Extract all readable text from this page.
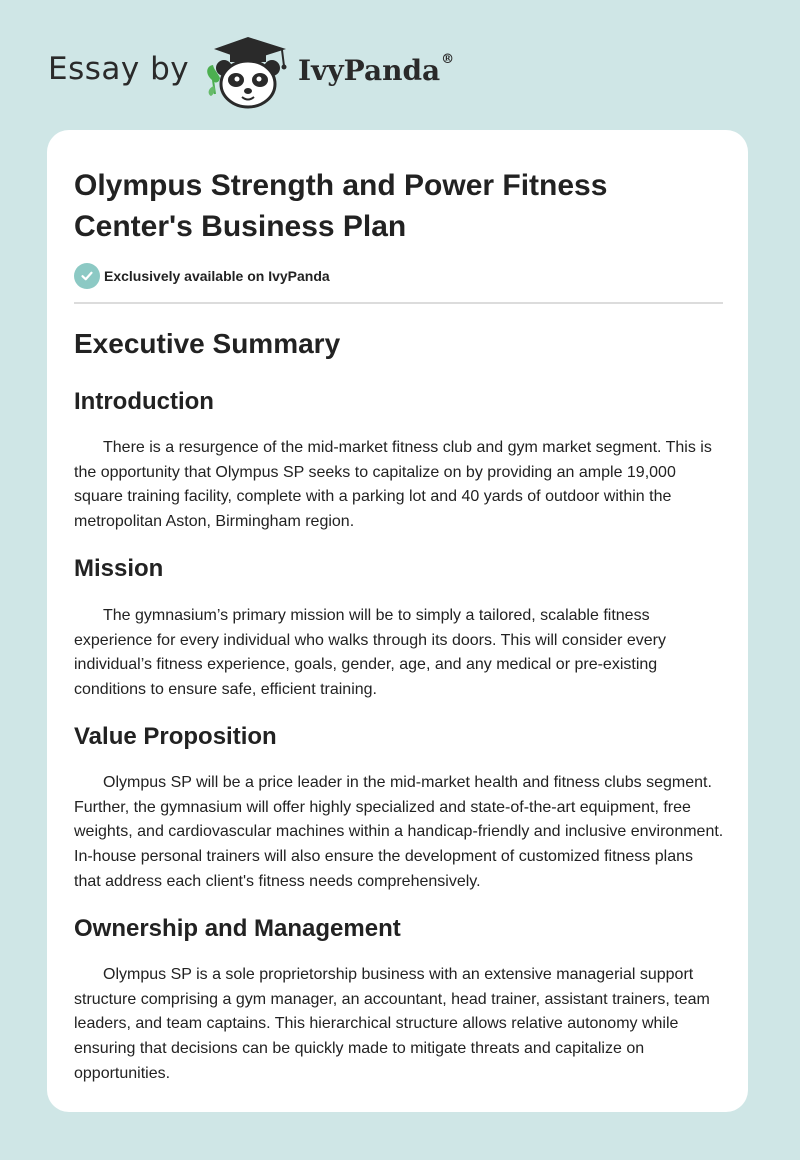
Essay by	IvyPanda®
Olympus Strength and Power Fitness Center's Business Plan
Exclusively available on IvyPanda
Executive Summary
Introduction

There is a resurgence of the mid-market fitness club and gym market segment. This is the opportunity that Olympus SP seeks to capitalize on by providing an ample 19,000 square training facility, complete with a parking lot and 40 yards of outdoor within the metropolitan Aston, Birmingham region.

Mission

The gymnasium’s primary mission will be to simply a tailored, scalable fitness experience for every individual who walks through its doors. This will consider every individual’s fitness experience, goals, gender, age, and any medical or pre-existing conditions to ensure safe, efficient training.

Value Proposition

Olympus SP will be a price leader in the mid-market health and fitness clubs segment. Further, the gymnasium will offer highly specialized and state-of-the-art equipment, free weights, and cardiovascular machines within a handicap-friendly and inclusive environment. In-house personal trainers will also ensure the development of customized fitness plans that address each client's fitness needs comprehensively.

Ownership and Management

Olympus SP is a sole proprietorship business with an extensive managerial support structure comprising a gym manager, an accountant, head trainer, assistant trainers, team leaders, and team captains. This hierarchical structure allows relative autonomy while ensuring that decisions can be quickly made to mitigate threats and capitalize on opportunities.
